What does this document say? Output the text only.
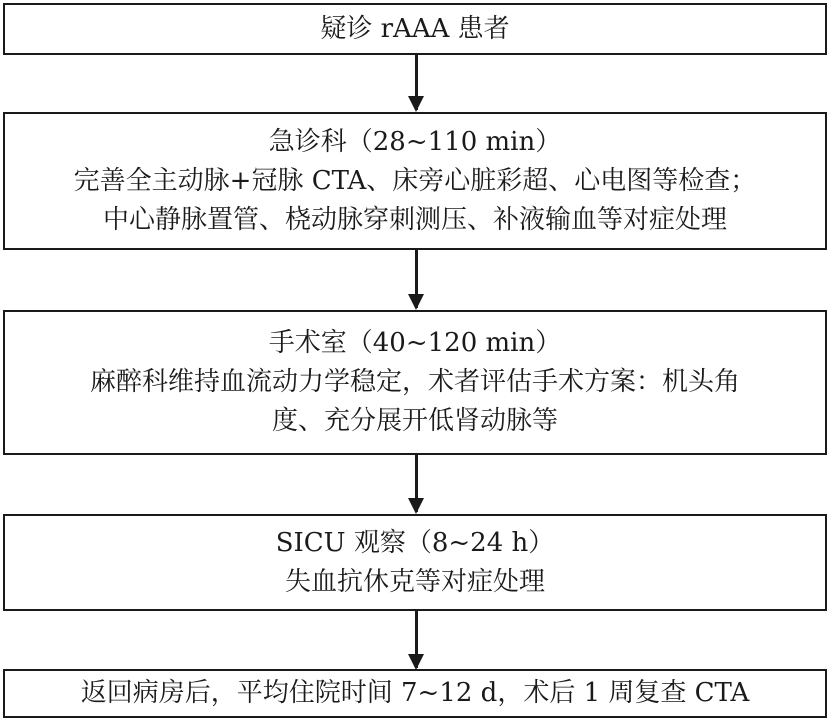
疑诊 rAAA 患者
急诊科（28~110 min）
完善全主动脉+冠脉 CTA、床旁心脏彩超、心电图等检查；
中心静脉置管、桡动脉穿刺测压、补液输血等对症处理
手术室（40~120 min）
麻醉科维持血流动力学稳定，术者评估手术方案：机头角
度、充分展开低肾动脉等
SICU 观察（8~24 h）
失血抗休克等对症处理
返回病房后，平均住院时间 7~12 d，术后 1 周复查 CTA
